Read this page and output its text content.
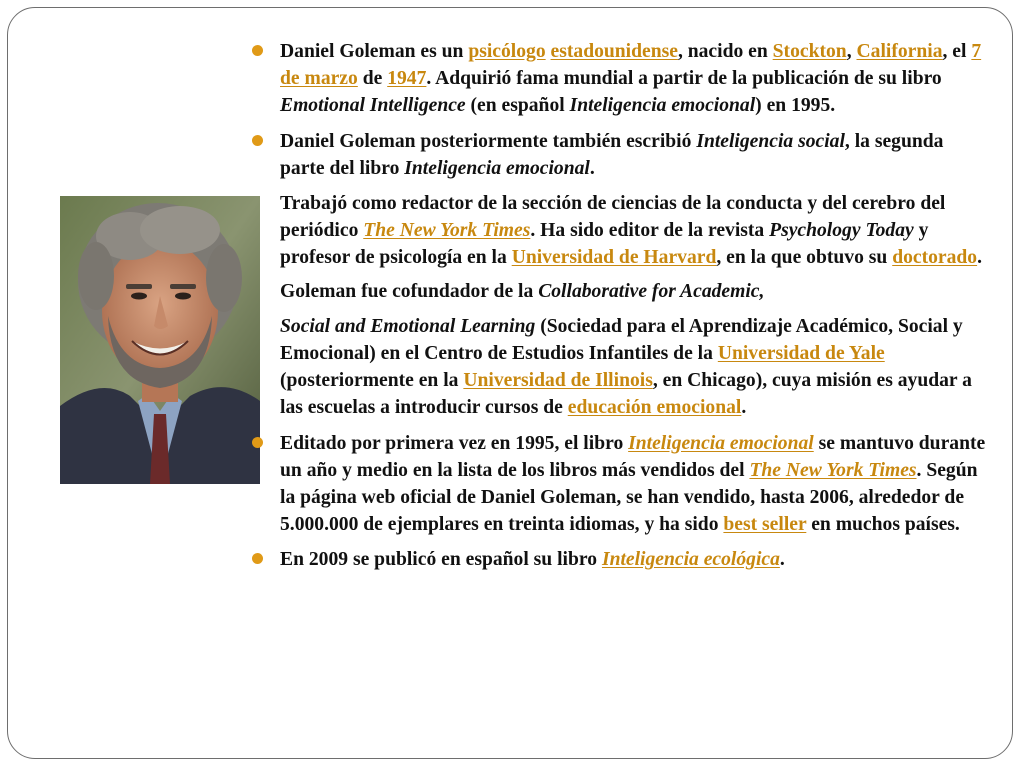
Daniel Goleman es un psicólogo estadounidense, nacido en Stockton, California, el 7 de marzo de 1947. Adquirió fama mundial a partir de la publicación de su libro Emotional Intelligence (en español Inteligencia emocional) en 1995.

Daniel Goleman posteriormente también escribió Inteligencia social, la segunda parte del libro Inteligencia emocional.

Trabajó como redactor de la sección de ciencias de la conducta y del cerebro del periódico The New York Times. Ha sido editor de la revista Psychology Today y profesor de psicología en la Universidad de Harvard, en la que obtuvo su doctorado.

Goleman fue cofundador de la Collaborative for Academic,

Social and Emotional Learning (Sociedad para el Aprendizaje Académico, Social y Emocional) en el Centro de Estudios Infantiles de la Universidad de Yale (posteriormente en la Universidad de Illinois, en Chicago), cuya misión es ayudar a las escuelas a introducir cursos de educación emocional.

Editado por primera vez en 1995, el libro Inteligencia emocional se mantuvo durante un año y medio en la lista de los libros más vendidos del The New York Times. Según la página web oficial de Daniel Goleman, se han vendido, hasta 2006, alrededor de 5.000.000 de ejemplares en treinta idiomas, y ha sido best seller en muchos países.

En 2009 se publicó en español su libro Inteligencia ecológica.
